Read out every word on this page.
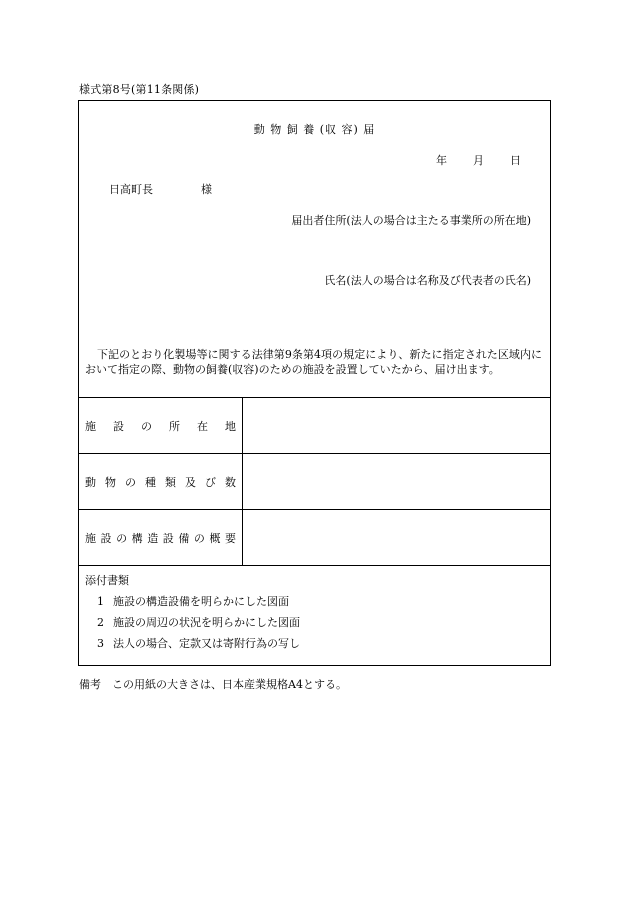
様式第8号(第11条関係)
動 物 飼 養 (収 容) 届
年	月	日
日高町長	様
届出者住所(法人の場合は主たる事業所の所在地)
氏名(法人の場合は名称及び代表者の氏名)
下記のとおり化製場等に関する法律第9条第4項の規定により、新たに指定された区域内において指定の際、動物の飼養(収容)のための施設を設置していたから、届け出ます。
施設の所在地
動物の種類及び数
施設の構造設備の概要
添付書類
1 施設の構造設備を明らかにした図面
2 施設の周辺の状況を明らかにした図面
3 法人の場合、定款又は寄附行為の写し
備考　この用紙の大きさは、日本産業規格A4とする。
